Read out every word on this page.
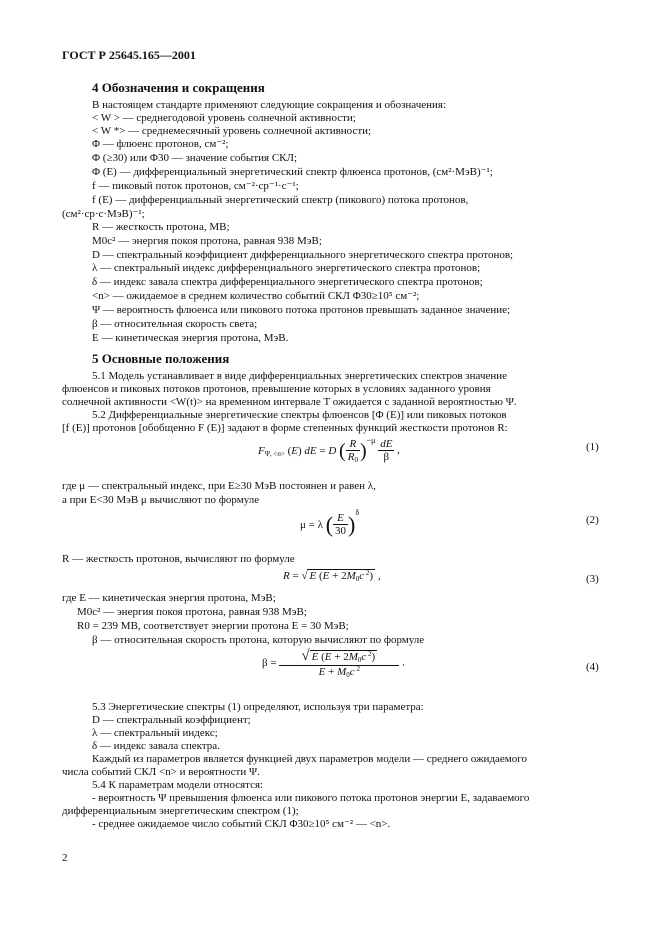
ГОСТ Р 25645.165—2001
4 Обозначения и сокращения
В настоящем стандарте применяют следующие сокращения и обозначения:
< W > — среднегодовой уровень солнечной активности;
< W *> — среднемесячный уровень солнечной активности;
Φ — флюенс протонов, см⁻²;
Φ (≥30) или Φ30 — значение события СКЛ;
Φ (E) — дифференциальный энергетический спектр флюенса протонов, (см²·МэВ)⁻¹;
f — пиковый поток протонов, см⁻²·ср⁻¹·с⁻¹;
f (E) — дифференциальный энергетический спектр (пикового) потока протонов,
(см²·ср·с·МэВ)⁻¹;
R — жесткость протона, МВ;
M0c² — энергия покоя протона, равная 938 МэВ;
D — спектральный коэффициент дифференциального энергетического спектра протонов;
λ — спектральный индекс дифференциального энергетического спектра протонов;
δ — индекс завала спектра дифференциального энергетического спектра протонов;
<n> — ожидаемое в среднем количество событий СКЛ Φ30≥10⁵ см⁻²;
Ψ — вероятность флюенса или пикового потока протонов превышать заданное значение;
β — относительная скорость света;
E — кинетическая энергия протона, МэВ.
5 Основные положения
5.1 Модель устанавливает в виде дифференциальных энергетических спектров значение
флюенсов и пиковых потоков протонов, превышение которых в условиях заданного уровня
солнечной активности <W(t)> на временном интервале T ожидается с заданной вероятностью Ψ.
5.2 Дифференциальные энергетические спектры флюенсов [Φ (E)] или пиковых потоков
[f (E)] протонов [обобщенно F (E)] задают в форме степенных функций жесткости протонов R:
$F_{\Psi, <n>}$ (E) dE = D ( $\frac{R}{R_0} )-\mu \frac{dE}{\beta}$ ,	(1)
где μ — спектральный индекс, при E≥30 МэВ постоянен и равен λ,
а при E<30 МэВ μ вычисляют по формуле
μ = λ ( $\frac{E}{30} )\delta$
(2)
R — жесткость протонов, вычисляют по формуле
R = √ E ($E + 2M_0c$ $^2$) ,	(3)
где E — кинетическая энергия протона, МэВ;
M0c² — энергия покоя протона, равная 938 МэВ;
R0 = 239 МВ, соответствует энергии протона E = 30 МэВ;
β — относительная скорость протона, которую вычисляют по формуле
$\beta = \frac{√ E (E + 2M_0c ^2)}{E + M_0c ^2}$ .	(4)
5.3 Энергетические спектры (1) определяют, используя три параметра:
D — спектральный коэффициент;
λ — спектральный индекс;
δ — индекс завала спектра.
Каждый из параметров является функцией двух параметров модели — среднего ожидаемого
числа событий СКЛ <n> и вероятности Ψ.
5.4 К параметрам модели относятся:
- вероятность Ψ превышения флюенса или пикового потока протонов энергии E, задаваемого
дифференциальным энергетическим спектром (1);
- среднее ожидаемое число событий СКЛ Φ30≥10⁵ см⁻² — <n>.
2
